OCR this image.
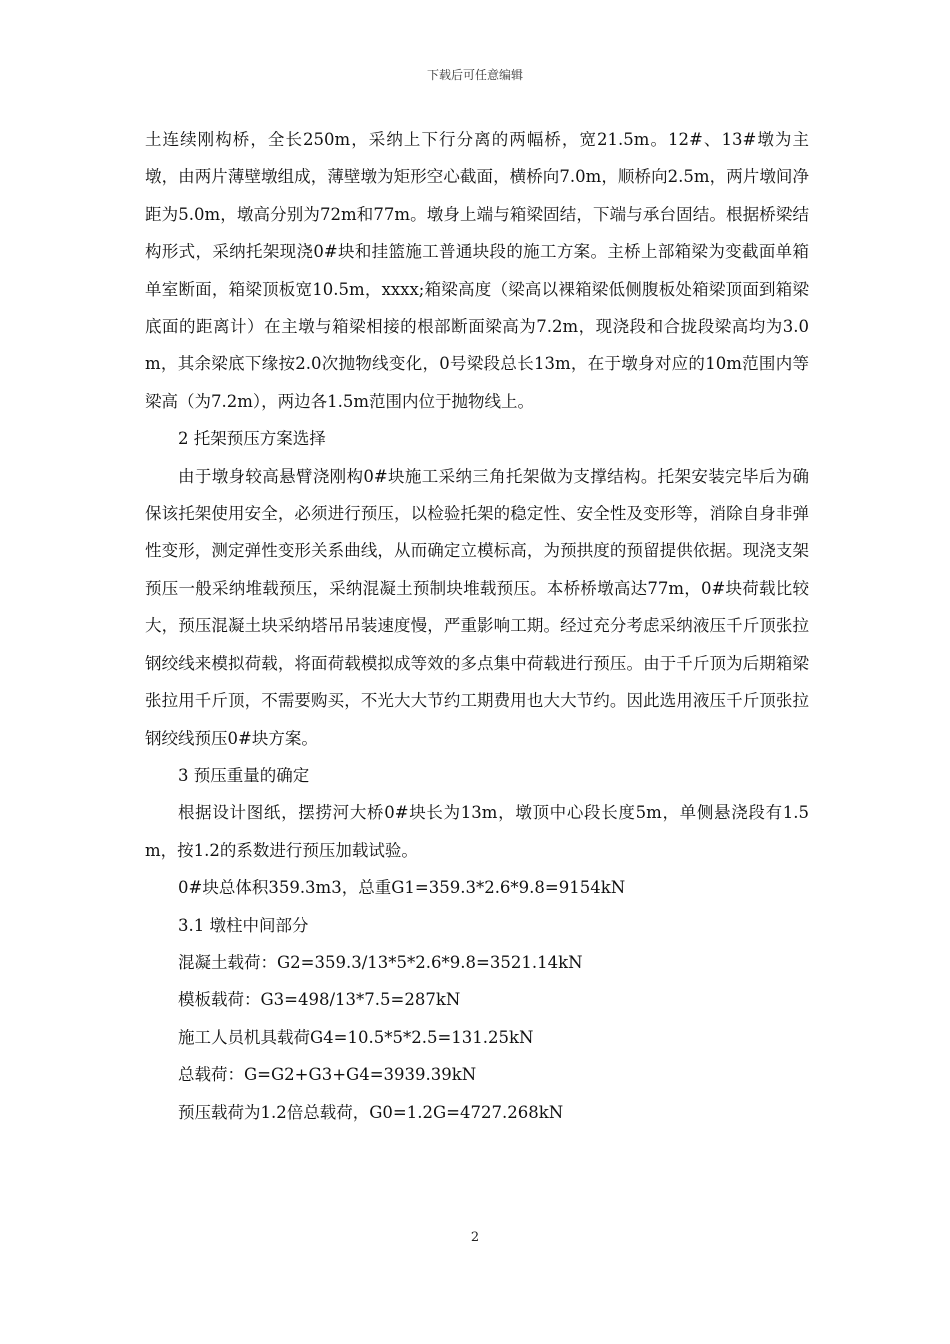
下载后可任意编辑

土连续刚构桥，全长250m，采纳上下行分离的两幅桥，宽21.5m。12#、13#墩为主墩，由两片薄壁墩组成，薄壁墩为矩形空心截面，横桥向7.0m，顺桥向2.5m，两片墩间净距为5.0m，墩高分别为72m和77m。墩身上端与箱梁固结，下端与承台固结。根据桥梁结构形式，采纳托架现浇0#块和挂篮施工普通块段的施工方案。主桥上部箱梁为变截面单箱单室断面，箱梁顶板宽10.5m，xxxx;箱梁高度（梁高以裸箱梁低侧腹板处箱梁顶面到箱梁底面的距离计）在主墩与箱梁相接的根部断面梁高为7.2m，现浇段和合拢段梁高均为3.0m，其余梁底下缘按2.0次抛物线变化，0号梁段总长13m，在于墩身对应的10m范围内等梁高（为7.2m），两边各1.5m范围内位于抛物线上。

2 托架预压方案选择

由于墩身较高悬臂浇刚构0#块施工采纳三角托架做为支撑结构。托架安装完毕后为确保该托架使用安全，必须进行预压，以检验托架的稳定性、安全性及变形等，消除自身非弹性变形，测定弹性变形关系曲线，从而确定立模标高，为预拱度的预留提供依据。现浇支架预压一般采纳堆载预压，采纳混凝土预制块堆载预压。本桥桥墩高达77m，0#块荷载比较大，预压混凝土块采纳塔吊吊装速度慢，严重影响工期。经过充分考虑采纳液压千斤顶张拉钢绞线来模拟荷载，将面荷载模拟成等效的多点集中荷载进行预压。由于千斤顶为后期箱梁张拉用千斤顶，不需要购买，不光大大节约工期费用也大大节约。因此选用液压千斤顶张拉钢绞线预压0#块方案。

3 预压重量的确定

根据设计图纸，摆捞河大桥0#块长为13m，墩顶中心段长度5m，单侧悬浇段有1.5m，按1.2的系数进行预压加载试验。

0#块总体积359.3m3，总重G1=359.3*2.6*9.8=9154kN

3.1 墩柱中间部分

混凝土载荷：G2=359.3/13*5*2.6*9.8=3521.14kN

模板载荷：G3=498/13*7.5=287kN

施工人员机具载荷G4=10.5*5*2.5=131.25kN

总载荷：G=G2+G3+G4=3939.39kN

预压载荷为1.2倍总载荷，G0=1.2G=4727.268kN

2
